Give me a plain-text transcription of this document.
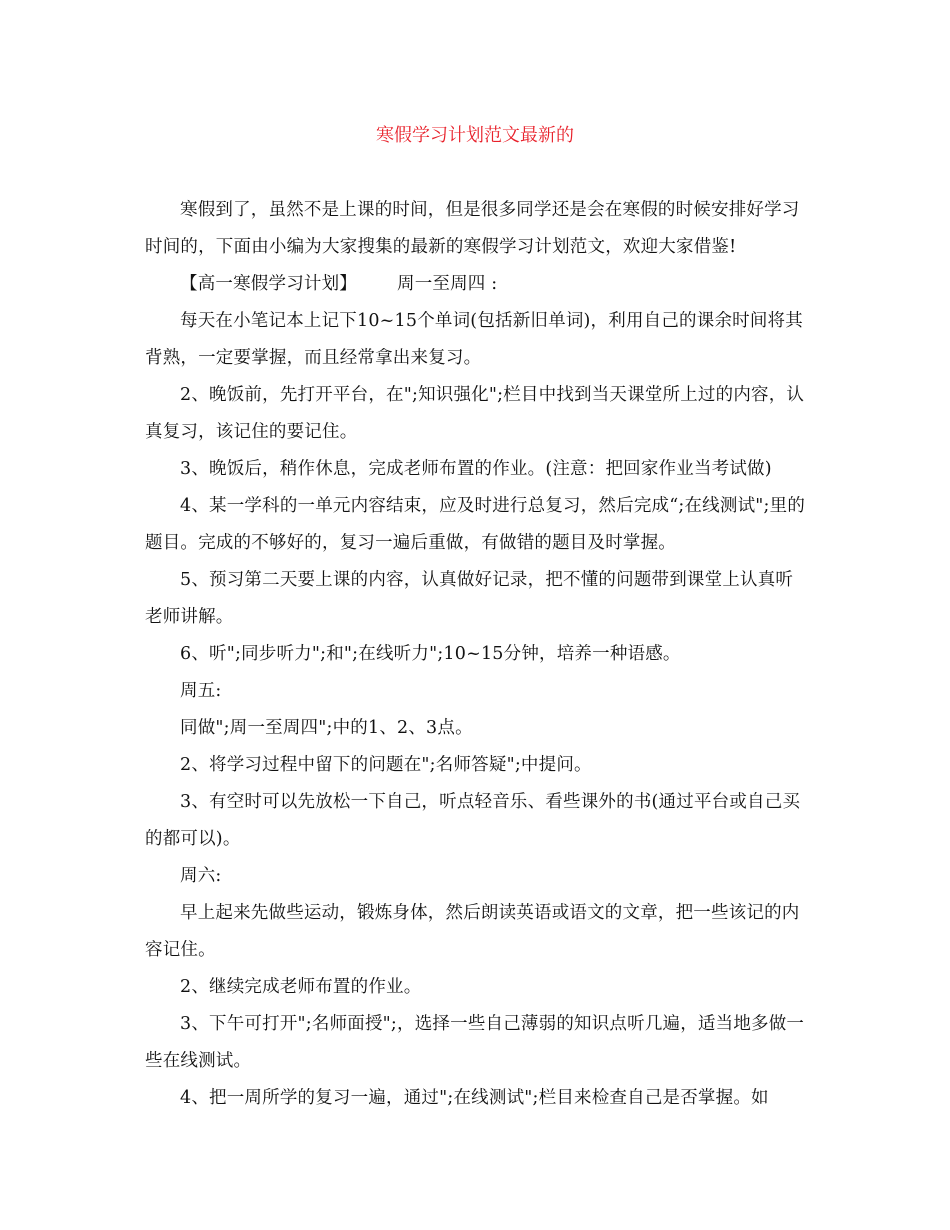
寒假学习计划范文最新的

寒假到了，虽然不是上课的时间，但是很多同学还是会在寒假的时候安排好学习时间的，下面由小编为大家搜集的最新的寒假学习计划范文，欢迎大家借鉴!

【高一寒假学习计划】 周一至周四 :

每天在小笔记本上记下10~15个单词(包括新旧单词)，利用自己的课余时间将其背熟，一定要掌握，而且经常拿出来复习。

2、晚饭前，先打开平台，在";知识强化";栏目中找到当天课堂所上过的内容，认真复习，该记住的要记住。

3、晚饭后，稍作休息，完成老师布置的作业。(注意：把回家作业当考试做)

4、某一学科的一单元内容结束，应及时进行总复习，然后完成“;在线测试";里的题目。完成的不够好的，复习一遍后重做，有做错的题目及时掌握。

5、预习第二天要上课的内容，认真做好记录，把不懂的问题带到课堂上认真听老师讲解。

6、听";同步听力";和";在线听力";10~15分钟，培养一种语感。

周五:

同做";周一至周四";中的1、2、3点。

2、将学习过程中留下的问题在";名师答疑";中提问。

3、有空时可以先放松一下自己，听点轻音乐、看些课外的书(通过平台或自己买的都可以)。

周六:

早上起来先做些运动，锻炼身体，然后朗读英语或语文的文章，把一些该记的内容记住。

2、继续完成老师布置的作业。

3、下午可打开";名师面授";，选择一些自己薄弱的知识点听几遍，适当地多做一些在线测试。

4、把一周所学的复习一遍，通过";在线测试";栏目来检查自己是否掌握。如
